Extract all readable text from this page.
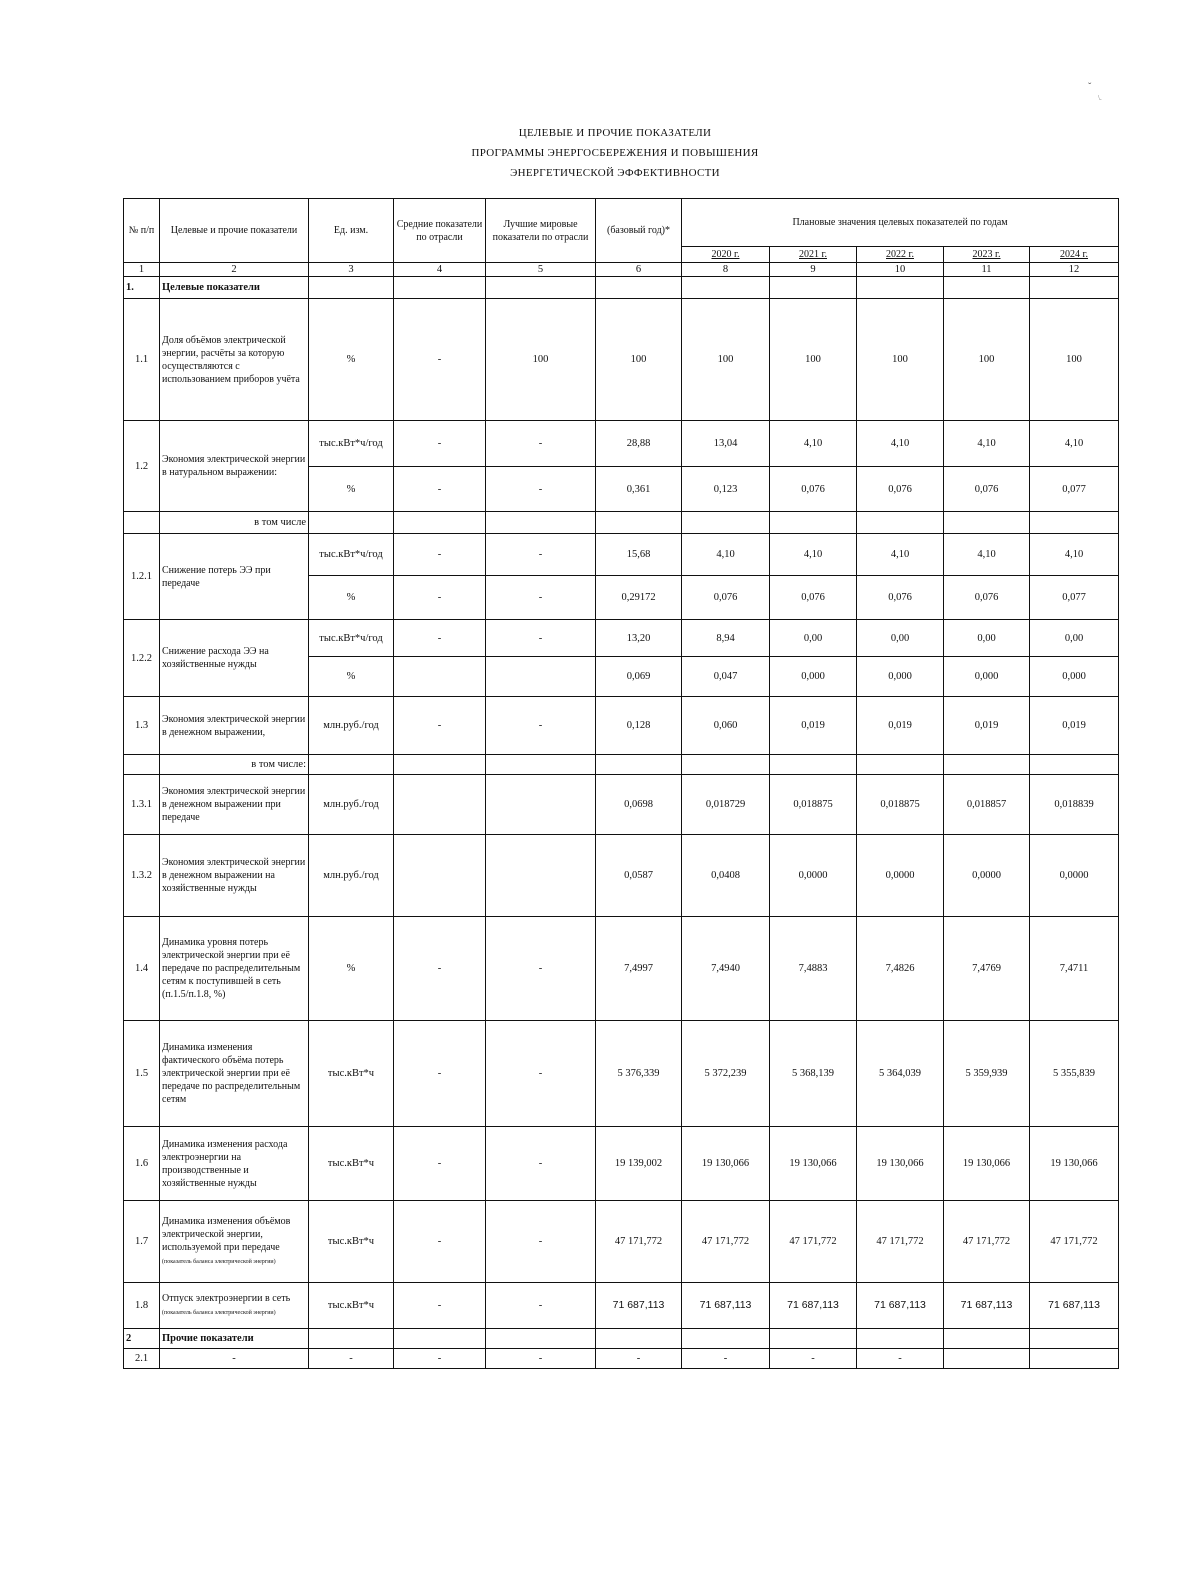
ˇ
\.
ЦЕЛЕВЫЕ И ПРОЧИЕ ПОКАЗАТЕЛИ
ПРОГРАММЫ ЭНЕРГОСБЕРЕЖЕНИЯ И ПОВЫШЕНИЯ
ЭНЕРГЕТИЧЕСКОЙ ЭФФЕКТИВНОСТИ
№ п/п	Целевые и прочие показатели	Ед. изм.	Средние показатели по отрасли	Лучшие мировые показатели по отрасли	(базовый год)*	Плановые значения целевых показателей по годам				
						2020 г.	2021 г.	2022 г.	2023 г.	2024 г.
1	2	3	4	5	6	8	9	10	11	12
1.	Целевые показатели									
1.1	Доля объёмов электрической энергии, расчёты за которую осуществляются с использованием приборов учёта	%	-	100	100	100	100	100	100	100
1.2	Экономия электрической энергии в натуральном выражении:	тыс.кВт*ч/год	-	-	28,88	13,04	4,10	4,10	4,10	4,10
		%	-	-	0,361	0,123	0,076	0,076	0,076	0,077
	в том числе									
1.2.1	Снижение потерь ЭЭ при передаче	тыс.кВт*ч/год	-	-	15,68	4,10	4,10	4,10	4,10	4,10
		%	-	-	0,29172	0,076	0,076	0,076	0,076	0,077
1.2.2	Снижение расхода ЭЭ на хозяйственные нужды	тыс.кВт*ч/год	-	-	13,20	8,94	0,00	0,00	0,00	0,00
		%			0,069	0,047	0,000	0,000	0,000	0,000
1.3	Экономия электрической энергии в денежном выражении,	млн.руб./год	-	-	0,128	0,060	0,019	0,019	0,019	0,019
	в том числе:									
1.3.1	Экономия электрической энергии в денежном выражении при передаче	млн.руб./год			0,0698	0,018729	0,018875	0,018875	0,018857	0,018839
1.3.2	Экономия электрической энергии в денежном выражении на хозяйственные нужды	млн.руб./год			0,0587	0,0408	0,0000	0,0000	0,0000	0,0000
1.4	Динамика уровня потерь электрической энергии при её передаче по распределительным сетям к поступившей в сеть (п.1.5/п.1.8, %)	%	-	-	7,4997	7,4940	7,4883	7,4826	7,4769	7,4711
1.5	Динамика изменения фактического объёма потерь электрической энергии при её передаче по распределительным сетям	тыс.кВт*ч	-	-	5 376,339	5 372,239	5 368,139	5 364,039	5 359,939	5 355,839
1.6	Динамика изменения расхода электроэнергии на производственные и хозяйственные нужды	тыс.кВт*ч	-	-	19 139,002	19 130,066	19 130,066	19 130,066	19 130,066	19 130,066
1.7	Динамика изменения объёмов электрической энергии, используемой при передаче (показатель баланса электрической энергии)	тыс.кВт*ч	-	-	47 171,772	47 171,772	47 171,772	47 171,772	47 171,772	47 171,772
1.8	Отпуск электроэнергии в сеть (показатель баланса электрической энергии)	тыс.кВт*ч	-	-	71 687,113	71 687,113	71 687,113	71 687,113	71 687,113	71 687,113
2	Прочие показатели									
2.1	-	-	-	-	-	-	-	-		
